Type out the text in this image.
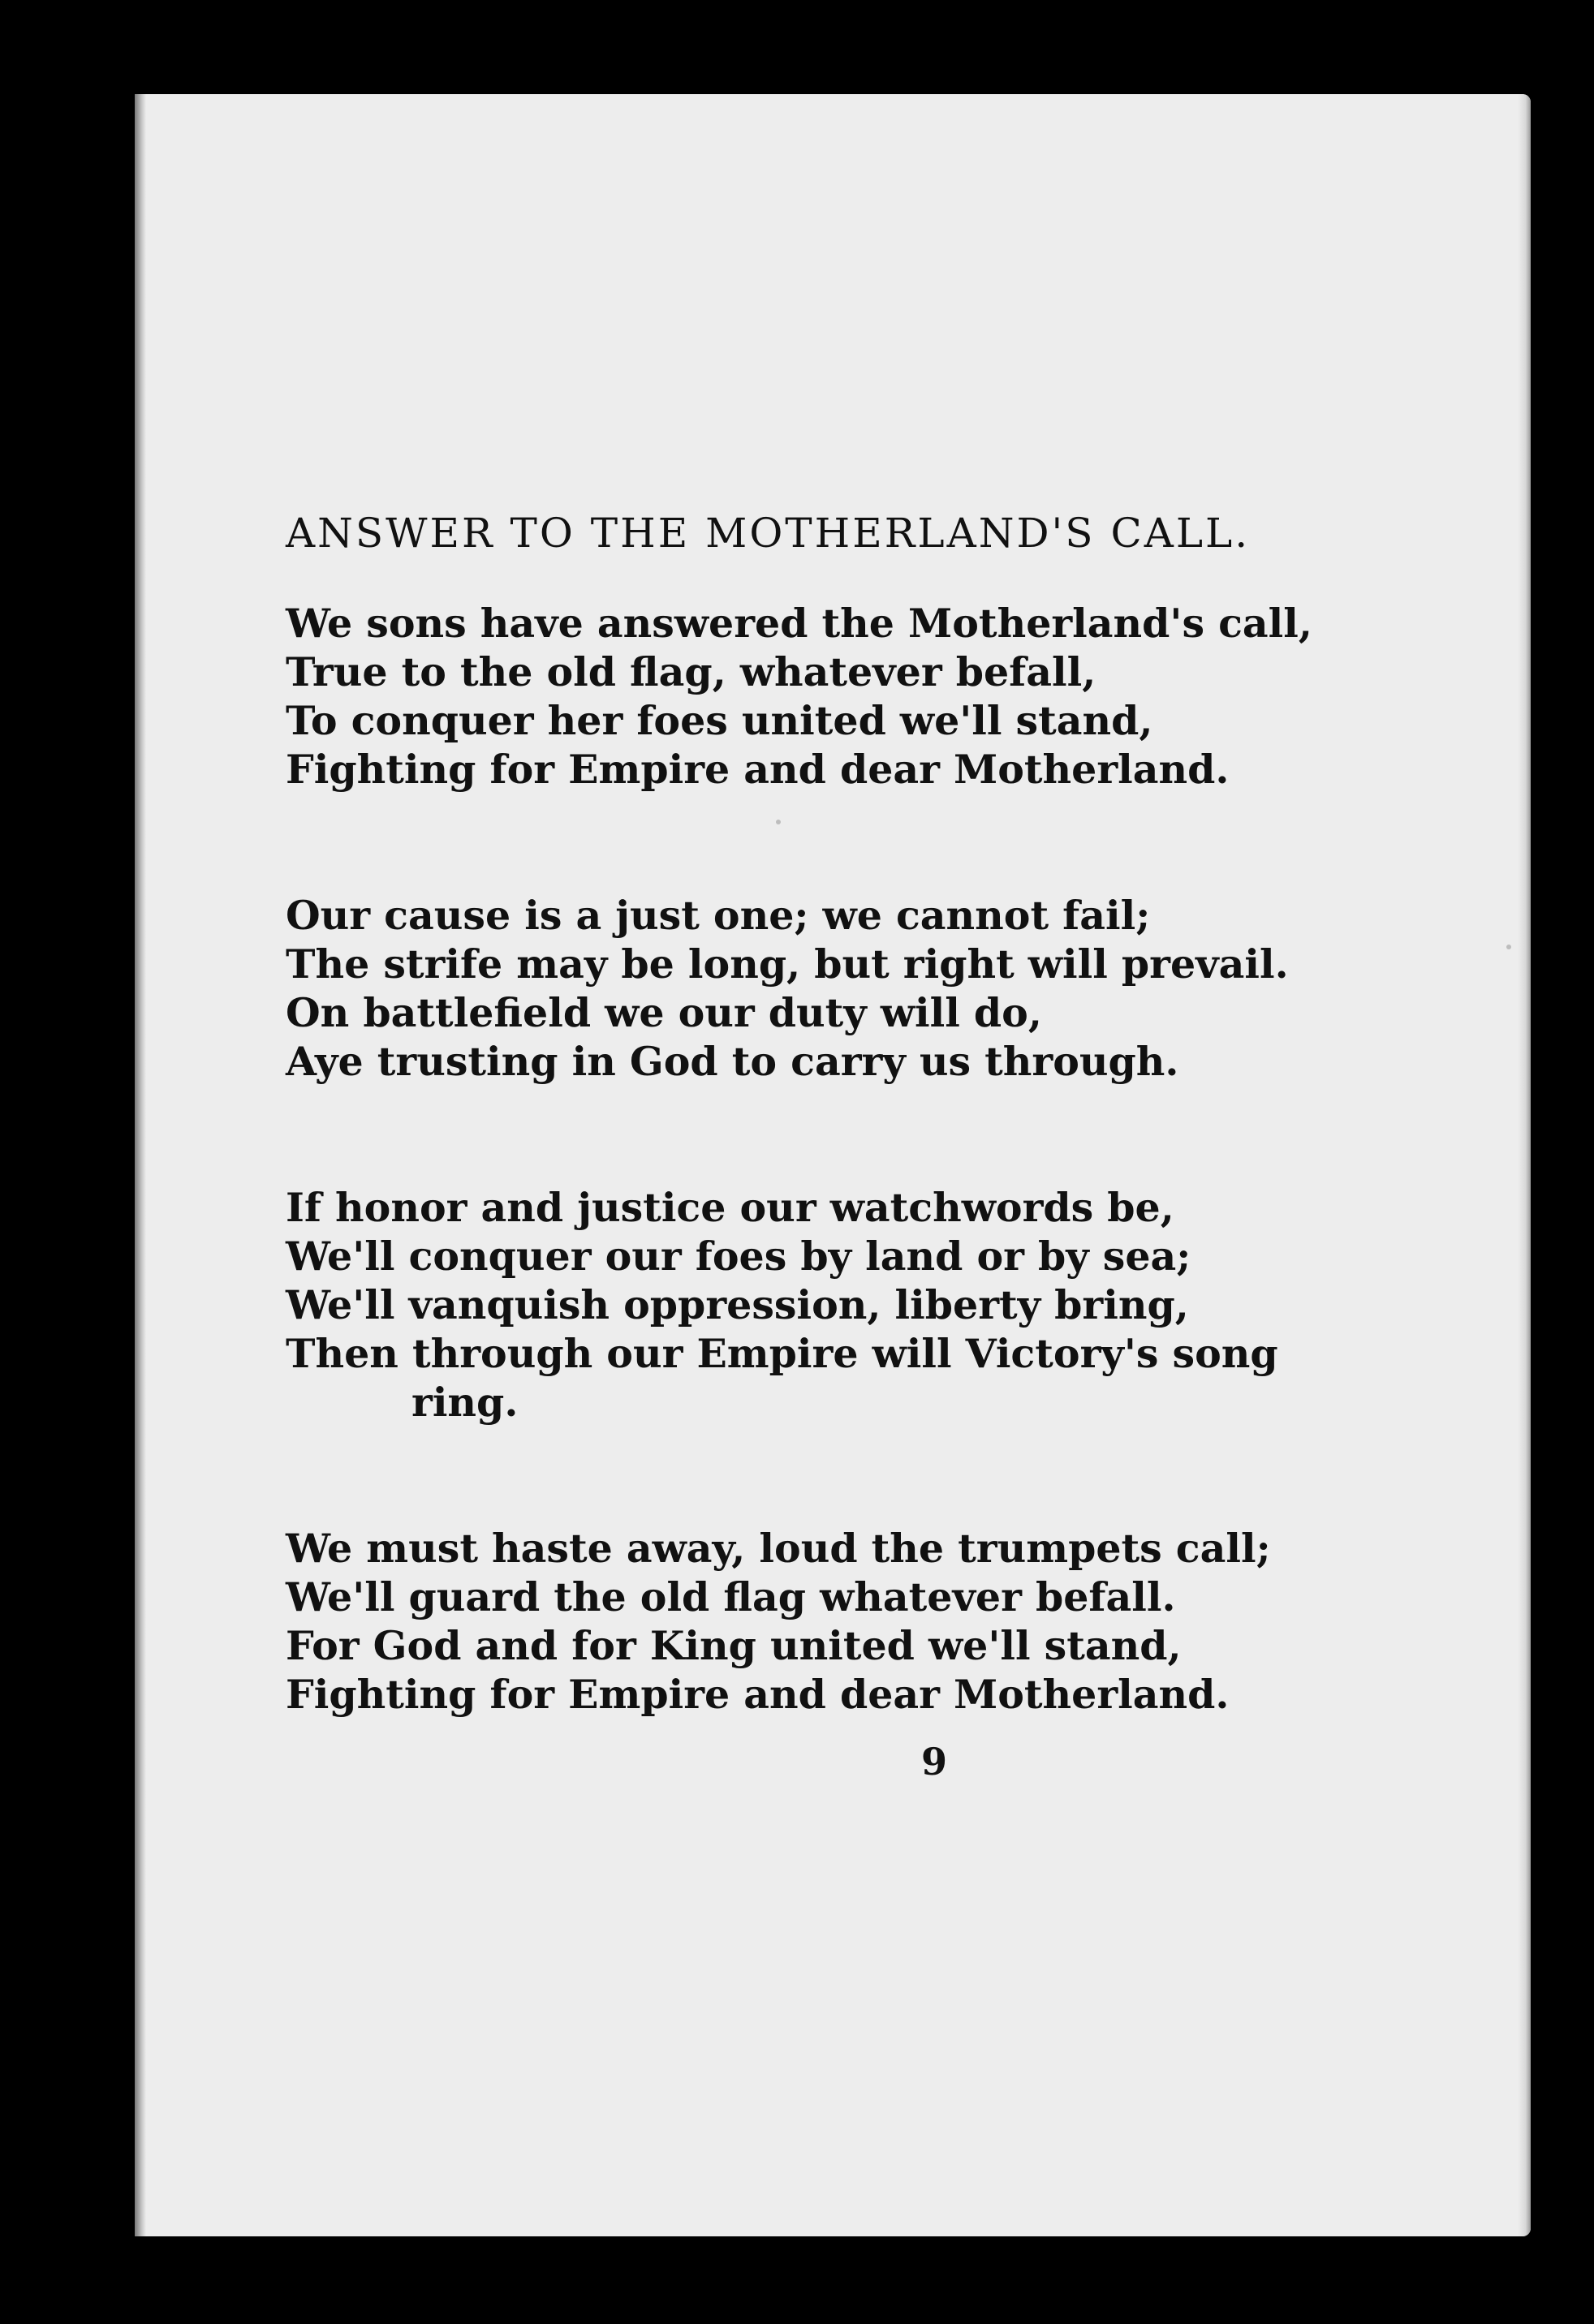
ANSWER TO THE MOTHERLAND'S CALL.
We sons have answered the Motherland's call,
True to the old flag, whatever befall,
To conquer her foes united we'll stand,
Fighting for Empire and dear Motherland.
Our cause is a just one; we cannot fail;
The strife may be long, but right will prevail.
On battlefield we our duty will do,
Aye trusting in God to carry us through.
If honor and justice our watchwords be,
We'll conquer our foes by land or by sea;
We'll vanquish oppression, liberty bring,
Then through our Empire will Victory's song
ring.
We must haste away, loud the trumpets call;
We'll guard the old flag whatever befall.
For God and for King united we'll stand,
Fighting for Empire and dear Motherland.
9
